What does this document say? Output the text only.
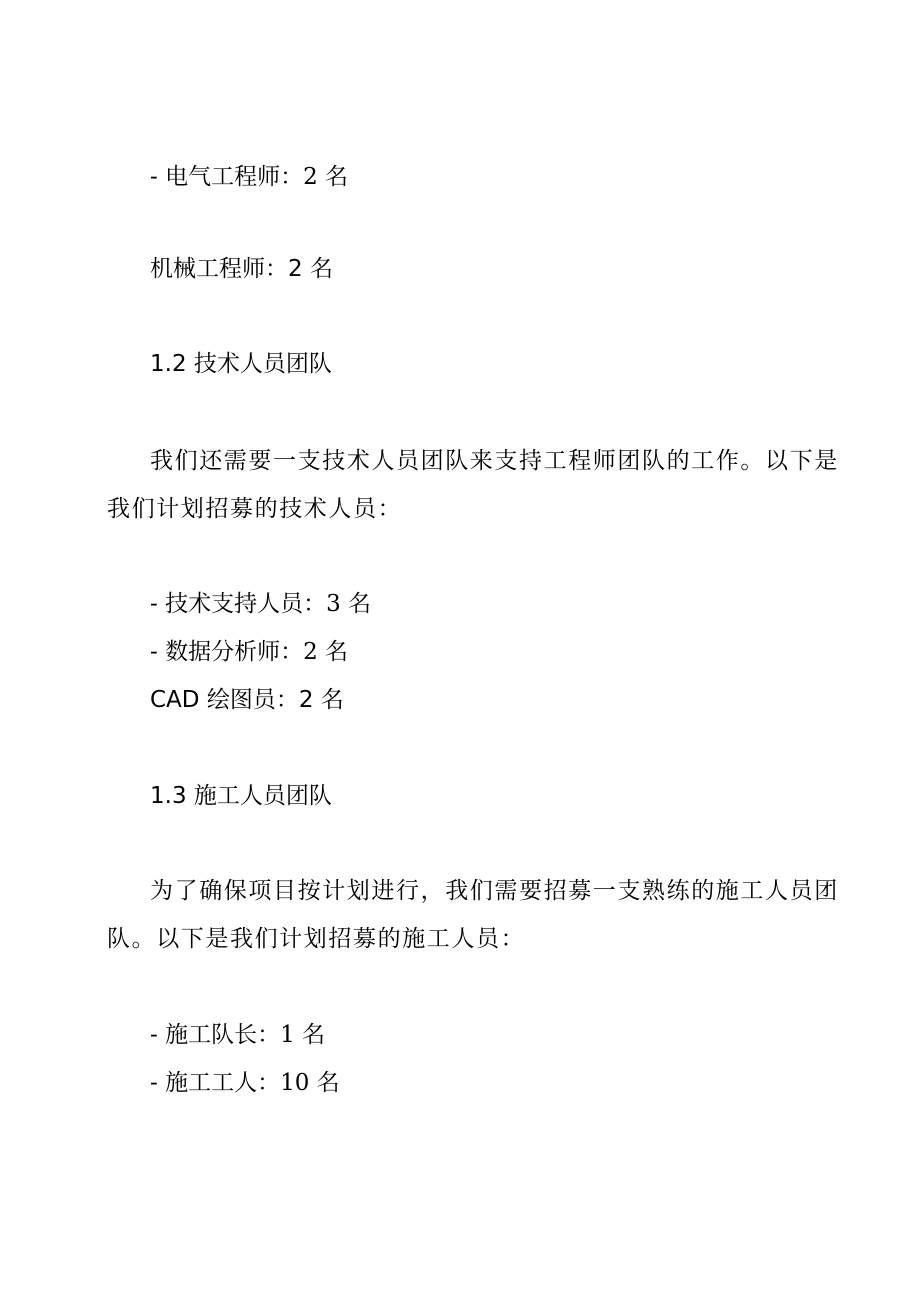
- 电气工程师：2 名
机械工程师：2 名
1.2 技术人员团队
我们还需要一支技术人员团队来支持工程师团队的工作。以下是
我们计划招募的技术人员：
- 技术支持人员：3 名
- 数据分析师：2 名
CAD 绘图员：2 名
1.3 施工人员团队
为了确保项目按计划进行，我们需要招募一支熟练的施工人员团
队。以下是我们计划招募的施工人员：
- 施工队长：1 名
- 施工工人：10 名
